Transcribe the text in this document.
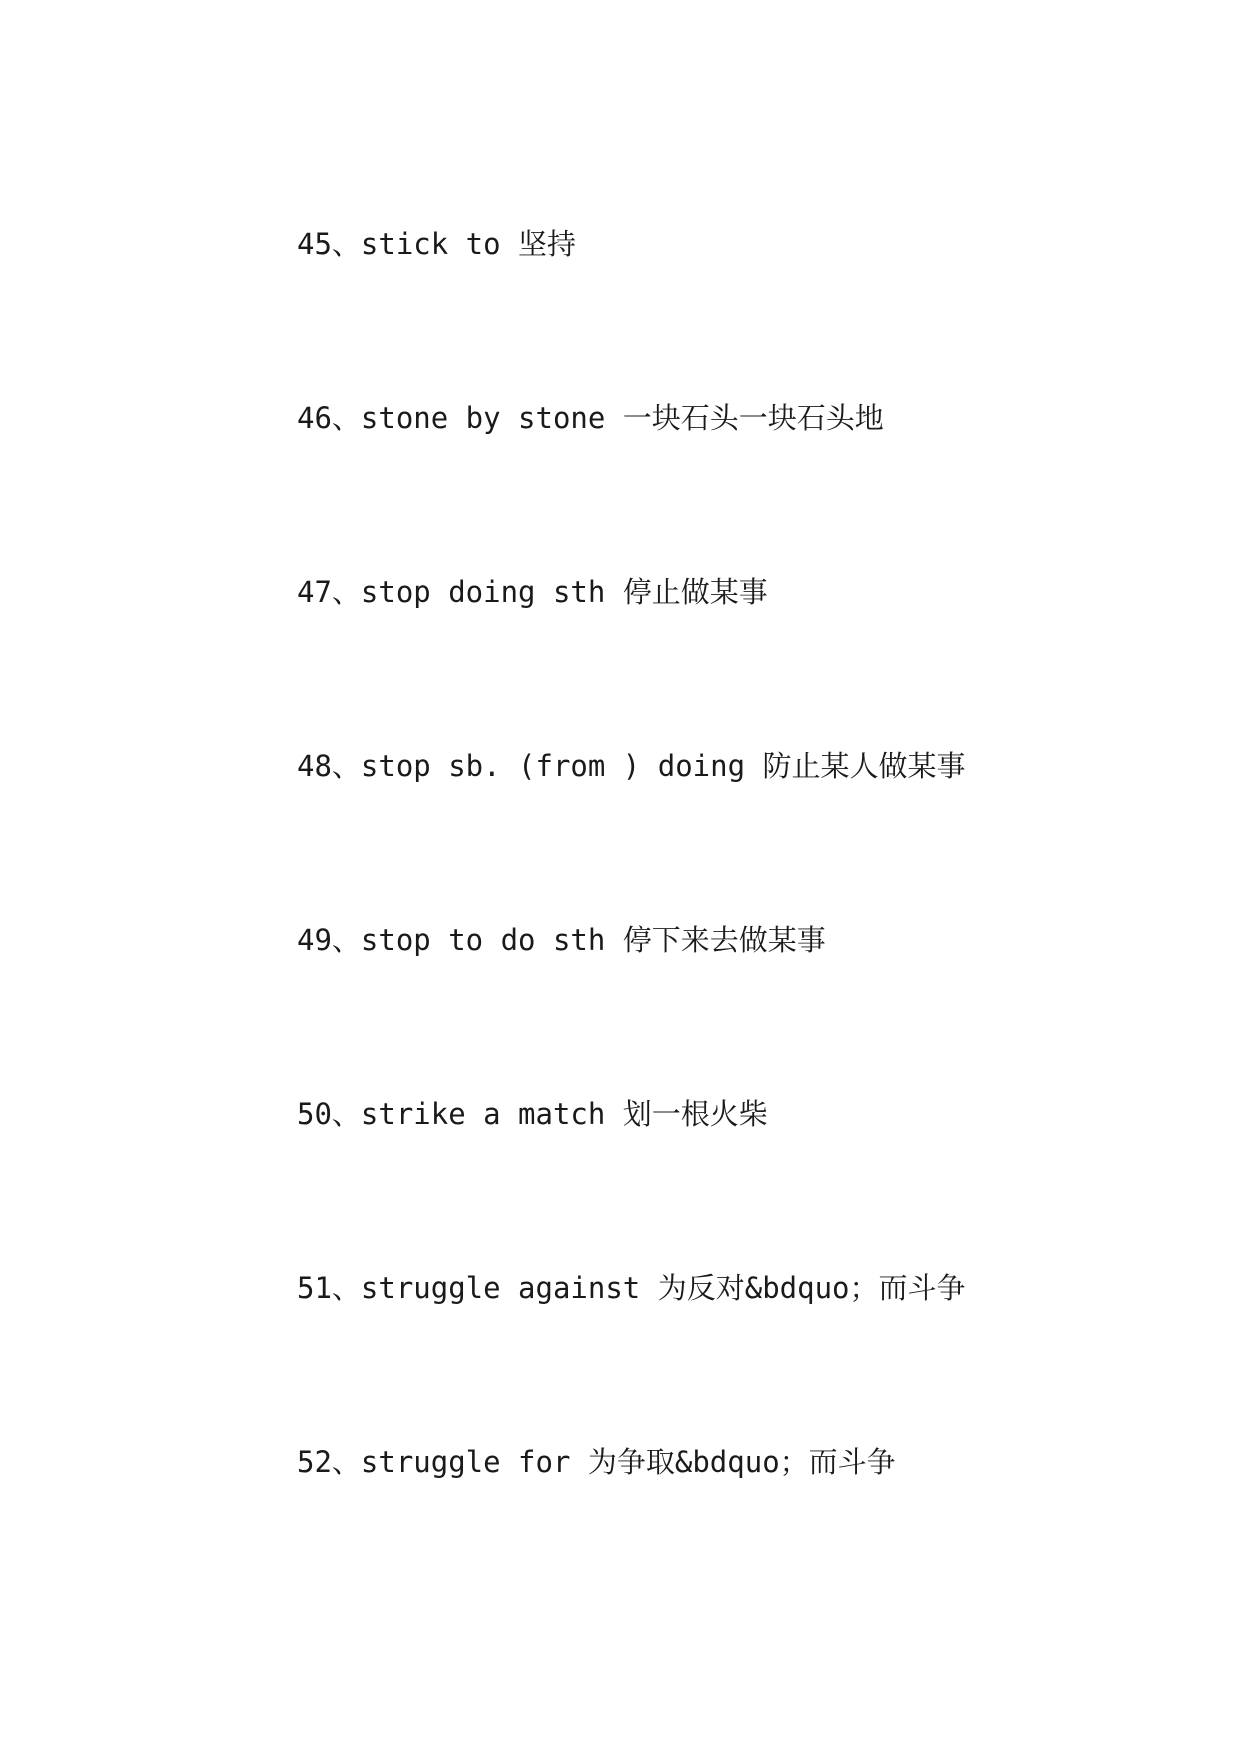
45、stick to 坚持
46、stone by stone 一块石头一块石头地
47、stop doing sth 停止做某事
48、stop sb. (from ) doing 防止某人做某事
49、stop to do sth 停下来去做某事
50、strike a match 划一根火柴
51、struggle against 为反对&bdquo；而斗争
52、struggle for 为争取&bdquo；而斗争
